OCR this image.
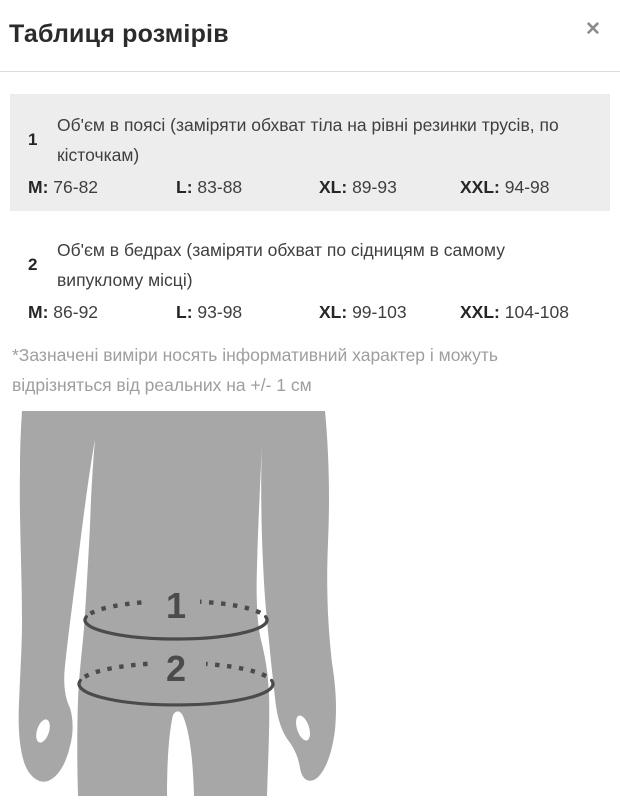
Таблиця розмірів	✕
1
Об'єм в поясі (заміряти обхват тіла на рівні резинки трусів, по кісточкам)
M: 76-82	L: 83-88	XL: 89-93	XXL: 94-98
2
Об'єм в бедрах (заміряти обхват по сідницям в самому випуклому місці)
M: 86-92	L: 93-98	XL: 99-103	XXL: 104-108

*Зазначені виміри носять інформативний характер і можуть відрізняться від реальних на +/- 1 см

1
2
